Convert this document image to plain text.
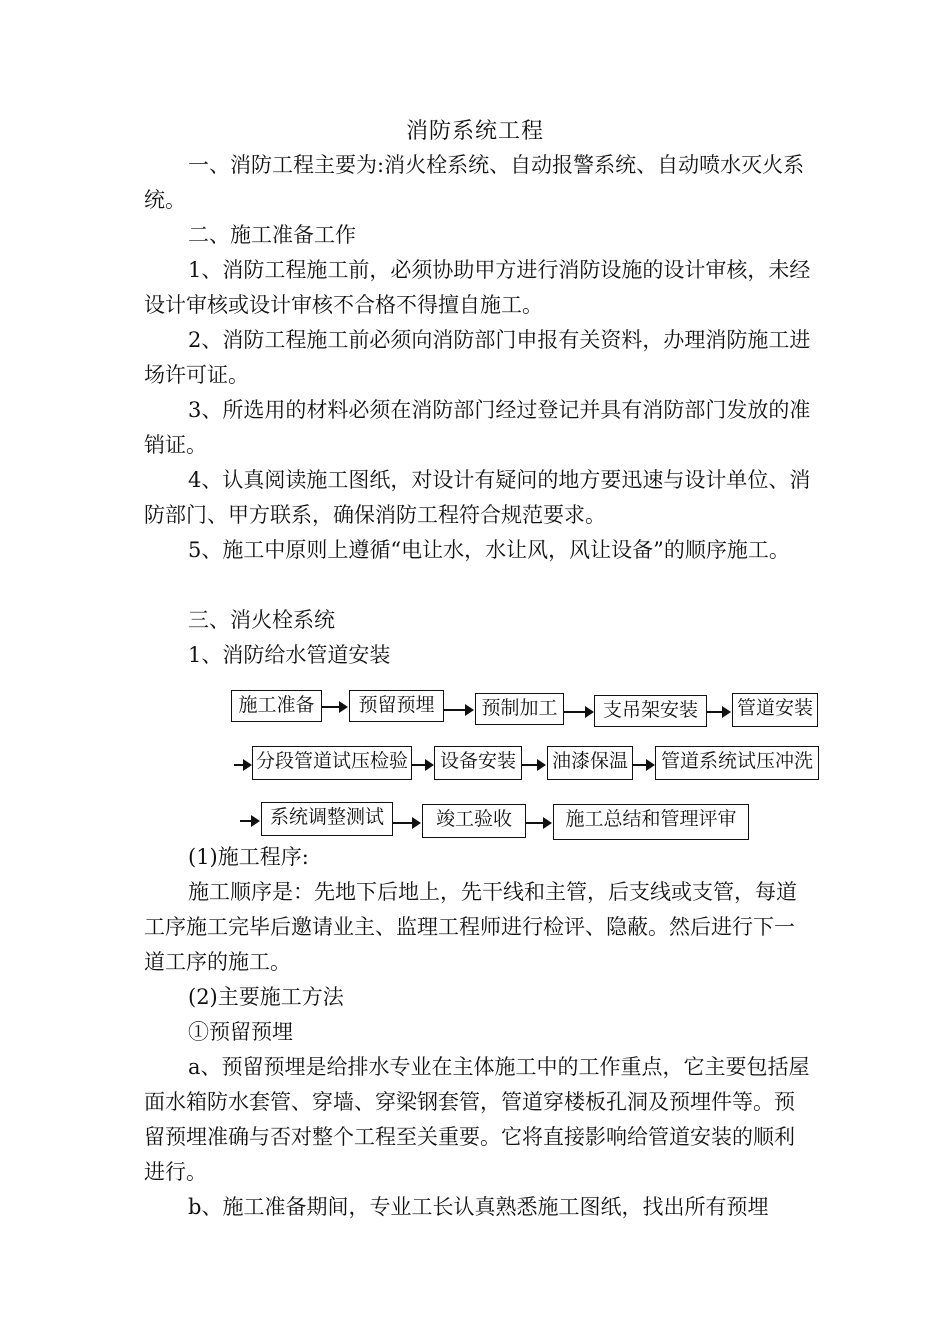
消防系统工程

一、消防工程主要为:消火栓系统、自动报警系统、自动喷水灭火系统。

二、施工准备工作

1、消防工程施工前，必须协助甲方进行消防设施的设计审核，未经设计审核或设计审核不合格不得擅自施工。

2、消防工程施工前必须向消防部门申报有关资料，办理消防施工进场许可证。

3、所选用的材料必须在消防部门经过登记并具有消防部门发放的准销证。

4、认真阅读施工图纸，对设计有疑问的地方要迅速与设计单位、消防部门、甲方联系，确保消防工程符合规范要求。

5、施工中原则上遵循“电让水，水让风，风让设备”的顺序施工。

三、消火栓系统

1、消防给水管道安装

施工准备	预留预埋	预制加工	支吊架安装	管道安装
分段管道试压检验	设备安装	油漆保温	管道系统试压冲洗
系统调整测试	竣工验收	施工总结和管理评审

(1)施工程序:

施工顺序是：先地下后地上，先干线和主管，后支线或支管，每道工序施工完毕后邀请业主、监理工程师进行检评、隐蔽。然后进行下一道工序的施工。

(2)主要施工方法

①预留预埋

a、预留预埋是给排水专业在主体施工中的工作重点，它主要包括屋面水箱防水套管、穿墙、穿梁钢套管，管道穿楼板孔洞及预埋件等。预留预埋准确与否对整个工程至关重要。它将直接影响给管道安装的顺利进行。

b、施工准备期间，专业工长认真熟悉施工图纸，找出所有预埋
